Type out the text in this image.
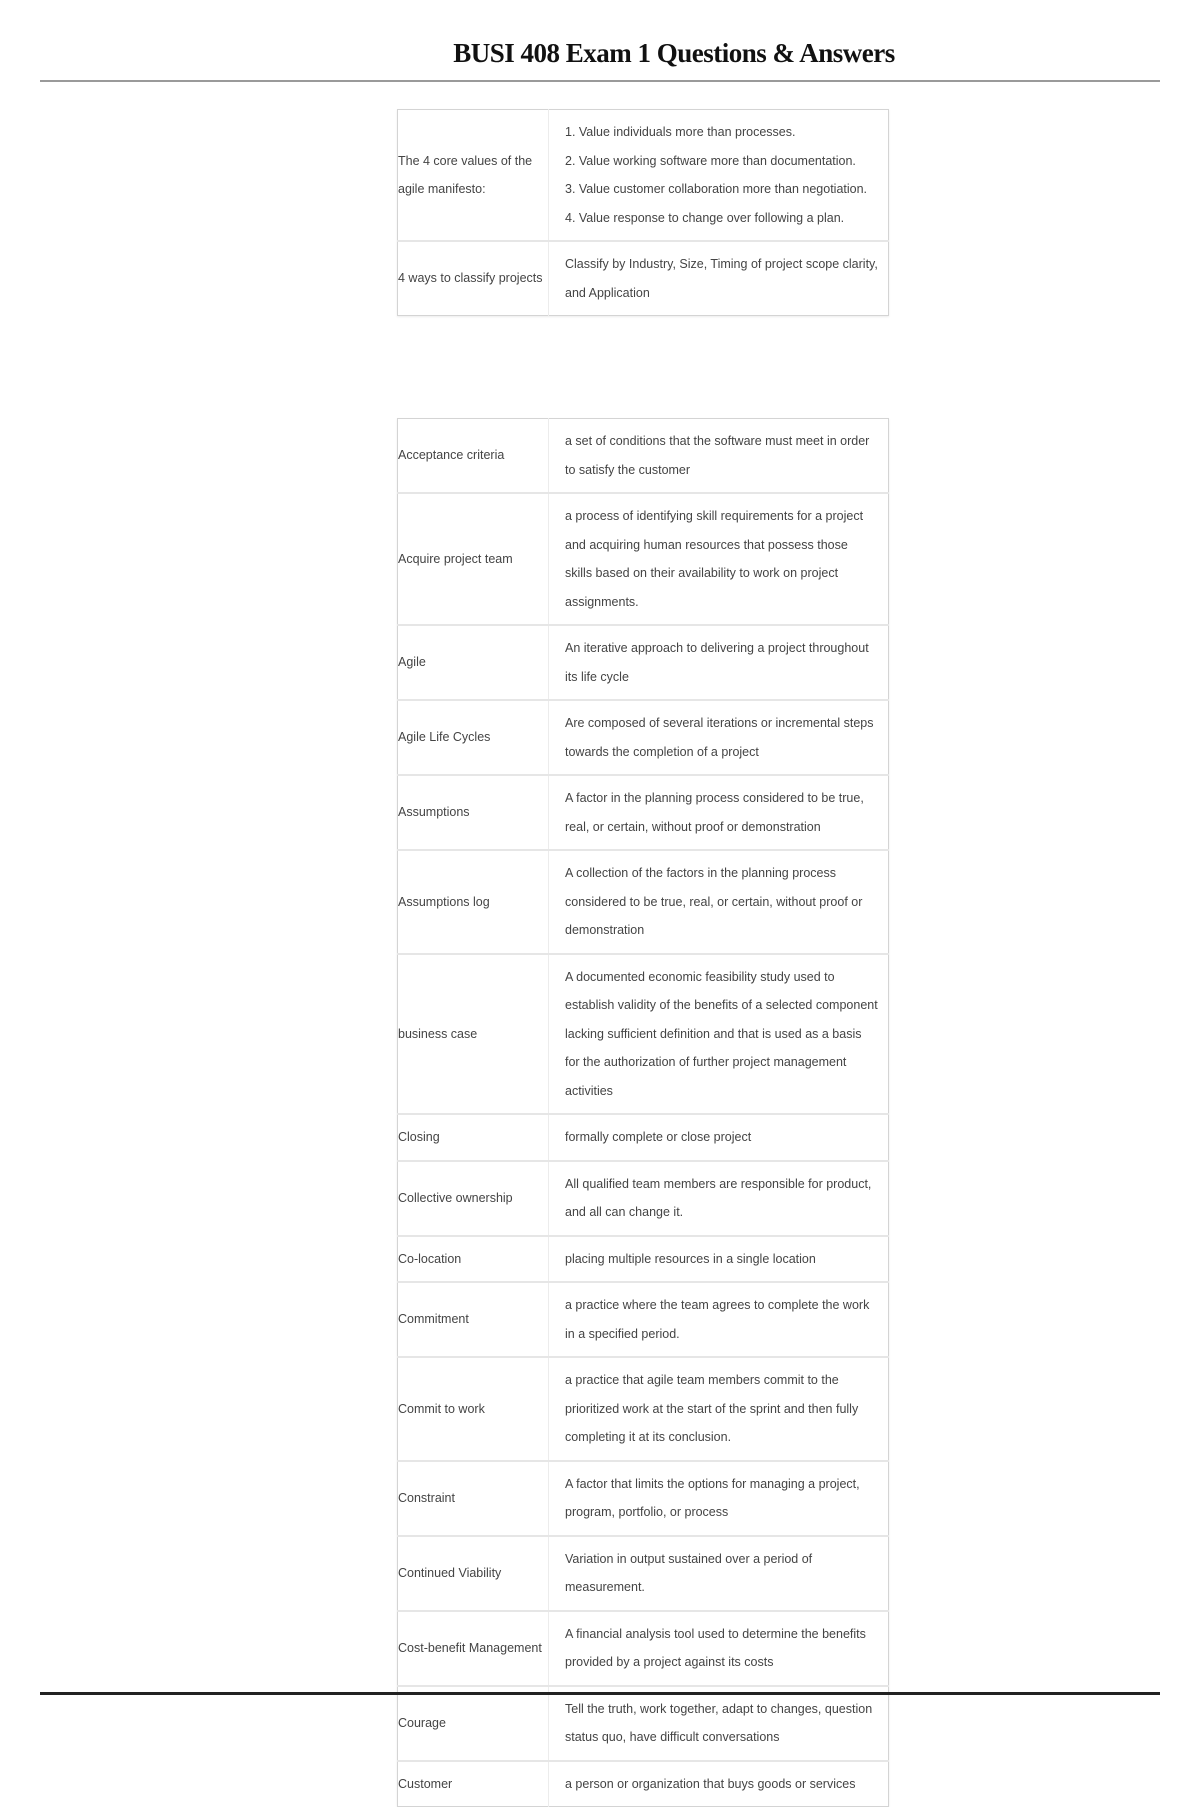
BUSI 408 Exam 1 Questions & Answers
The 4 core values of the agile manifesto:	1. Value individuals more than processes.
2. Value working software more than documentation.
3. Value customer collaboration more than negotiation.
4. Value response to change over following a plan.

4 ways to classify projects	Classify by Industry, Size, Timing of project scope clarity, and Application
Acceptance criteria	a set of conditions that the software must meet in order to satisfy the customer
Acquire project team	a process of identifying skill requirements for a project and acquiring human resources that possess those skills based on their availability to work on project assignments.
Agile	An iterative approach to delivering a project throughout its life cycle
Agile Life Cycles	Are composed of several iterations or incremental steps towards the completion of a project
Assumptions	A factor in the planning process considered to be true, real, or certain, without proof or demonstration
Assumptions log	A collection of the factors in the planning process considered to be true, real, or certain, without proof or demonstration
business case	A documented economic feasibility study used to establish validity of the benefits of a selected component lacking sufficient definition and that is used as a basis for the authorization of further project management activities
Closing	formally complete or close project
Collective ownership	All qualified team members are responsible for product, and all can change it.
Co-location	placing multiple resources in a single location
Commitment	a practice where the team agrees to complete the work in a specified period.
Commit to work	a practice that agile team members commit to the prioritized work at the start of the sprint and then fully completing it at its conclusion.
Constraint	A factor that limits the options for managing a project, program, portfolio, or process
Continued Viability	Variation in output sustained over a period of measurement.
Cost-benefit Management	A financial analysis tool used to determine the benefits provided by a project against its costs
Courage	Tell the truth, work together, adapt to changes, question status quo, have difficult conversations
Customer	a person or organization that buys goods or services
